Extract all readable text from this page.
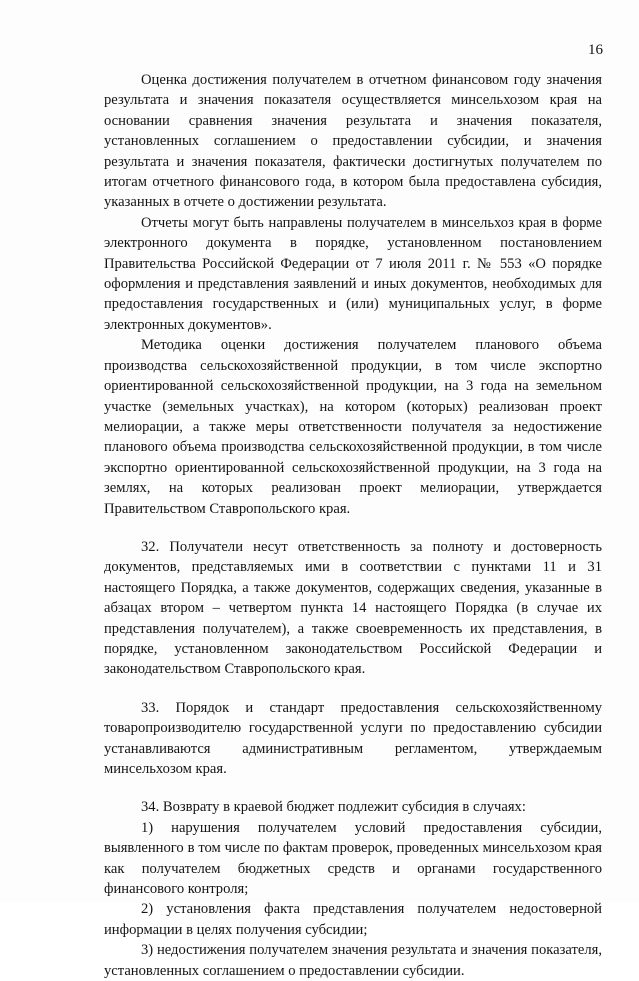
16

Оценка достижения получателем в отчетном финансовом году значения результата и значения показателя осуществляется минсельхозом края на основании сравнения значения результата и значения показателя, установленных соглашением о предоставлении субсидии, и значения результата и значения показателя, фактически достигнутых получателем по итогам отчетного финансового года, в котором была предоставлена субсидия, указанных в отчете о достижении результата.

Отчеты могут быть направлены получателем в минсельхоз края в форме электронного документа в порядке, установленном постановлением Правительства Российской Федерации от 7 июля 2011 г. № 553 «О порядке оформления и представления заявлений и иных документов, необходимых для предоставления государственных и (или) муниципальных услуг, в форме электронных документов».

Методика оценки достижения получателем планового объема производства сельскохозяйственной продукции, в том числе экспортно ориентированной сельскохозяйственной продукции, на 3 года на земельном участке (земельных участках), на котором (которых) реализован проект мелиорации, а также меры ответственности получателя за недостижение планового объема производства сельскохозяйственной продукции, в том числе экспортно ориентированной сельскохозяйственной продукции, на 3 года на землях, на которых реализован проект мелиорации, утверждается Правительством Ставропольского края.

32. Получатели несут ответственность за полноту и достоверность документов, представляемых ими в соответствии с пунктами 11 и 31 настоящего Порядка, а также документов, содержащих сведения, указанные в абзацах втором – четвертом пункта 14 настоящего Порядка (в случае их представления получателем), а также своевременность их представления, в порядке, установленном законодательством Российской Федерации и законодательством Ставропольского края.

33. Порядок и стандарт предоставления сельскохозяйственному товаропроизводителю государственной услуги по предоставлению субсидии устанавливаются административным регламентом, утверждаемым минсельхозом края.

34. Возврату в краевой бюджет подлежит субсидия в случаях:

1) нарушения получателем условий предоставления субсидии, выявленного в том числе по фактам проверок, проведенных минсельхозом края как получателем бюджетных средств и органами государственного финансового контроля;

2) установления факта представления получателем недостоверной информации в целях получения субсидии;

3) недостижения получателем значения результата и значения показателя, установленных соглашением о предоставлении субсидии.
